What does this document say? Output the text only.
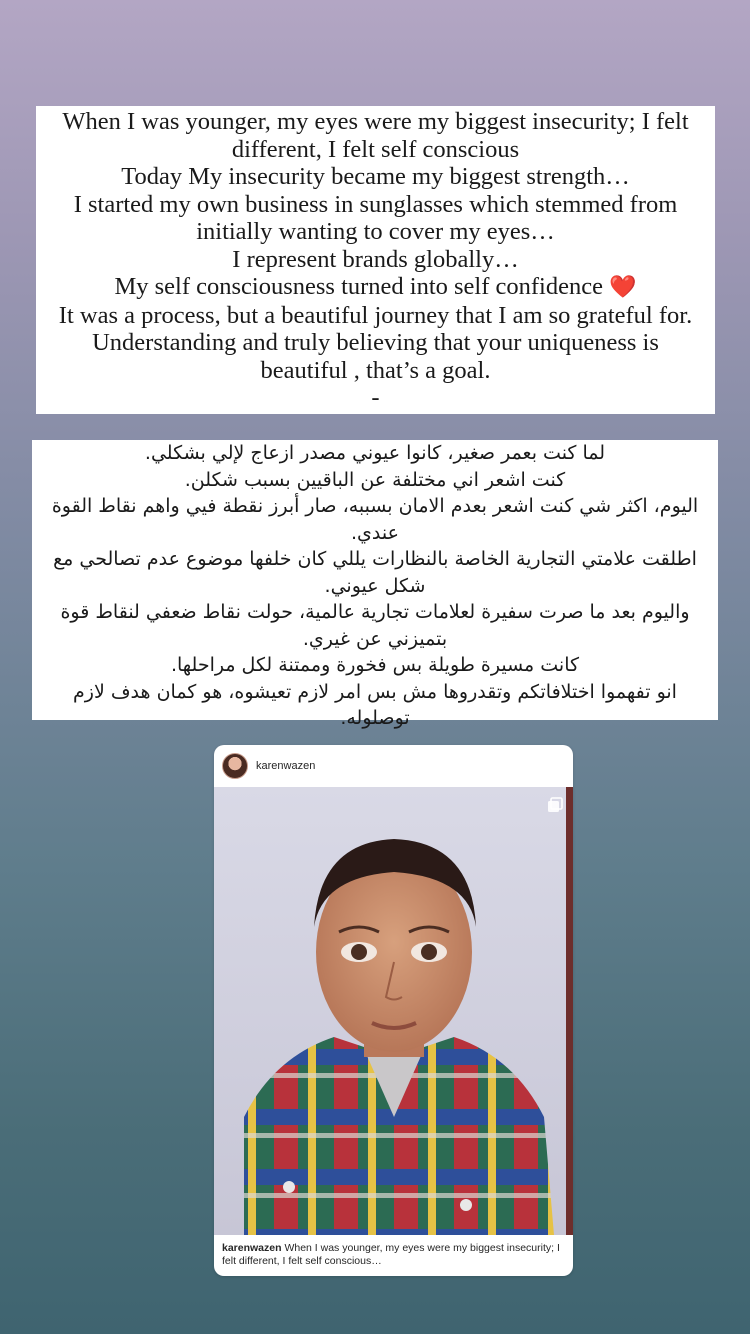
When I was younger, my eyes were my biggest insecurity; I felt
different, I felt self conscious
Today My insecurity became my biggest strength…
I started my own business in sunglasses which stemmed from
initially wanting to cover my eyes…
I represent brands globally…
My self consciousness turned into self confidence ❤️
It was a process, but a beautiful journey that I am so grateful for.
Understanding and truly believing that your uniqueness is
beautiful , that’s a goal.
-
لما كنت بعمر صغير، كانوا عيوني مصدر ازعاج لإلي بشكلي.
كنت اشعر اني مختلفة عن الباقيين بسبب شكلن.
اليوم، اكثر شي كنت اشعر بعدم الامان بسببه، صار أبرز نقطة فيي واهم نقاط القوة
عندي.
اطلقت علامتي التجارية الخاصة بالنظارات يللي كان خلفها موضوع عدم تصالحي مع
شكل عيوني.
واليوم بعد ما صرت سفيرة لعلامات تجارية عالمية، حولت نقاط ضعفي لنقاط قوة
بتميزني عن غيري.
كانت مسيرة طويلة بس فخورة وممتنة لكل مراحلها.
انو تفهموا اختلافاتكم وتقدروها مش بس امر لازم تعيشوه، هو كمان هدف لازم توصلوله.
karenwazen
karenwazen When I was younger, my eyes were my biggest insecurity; I felt different, I felt self conscious…
